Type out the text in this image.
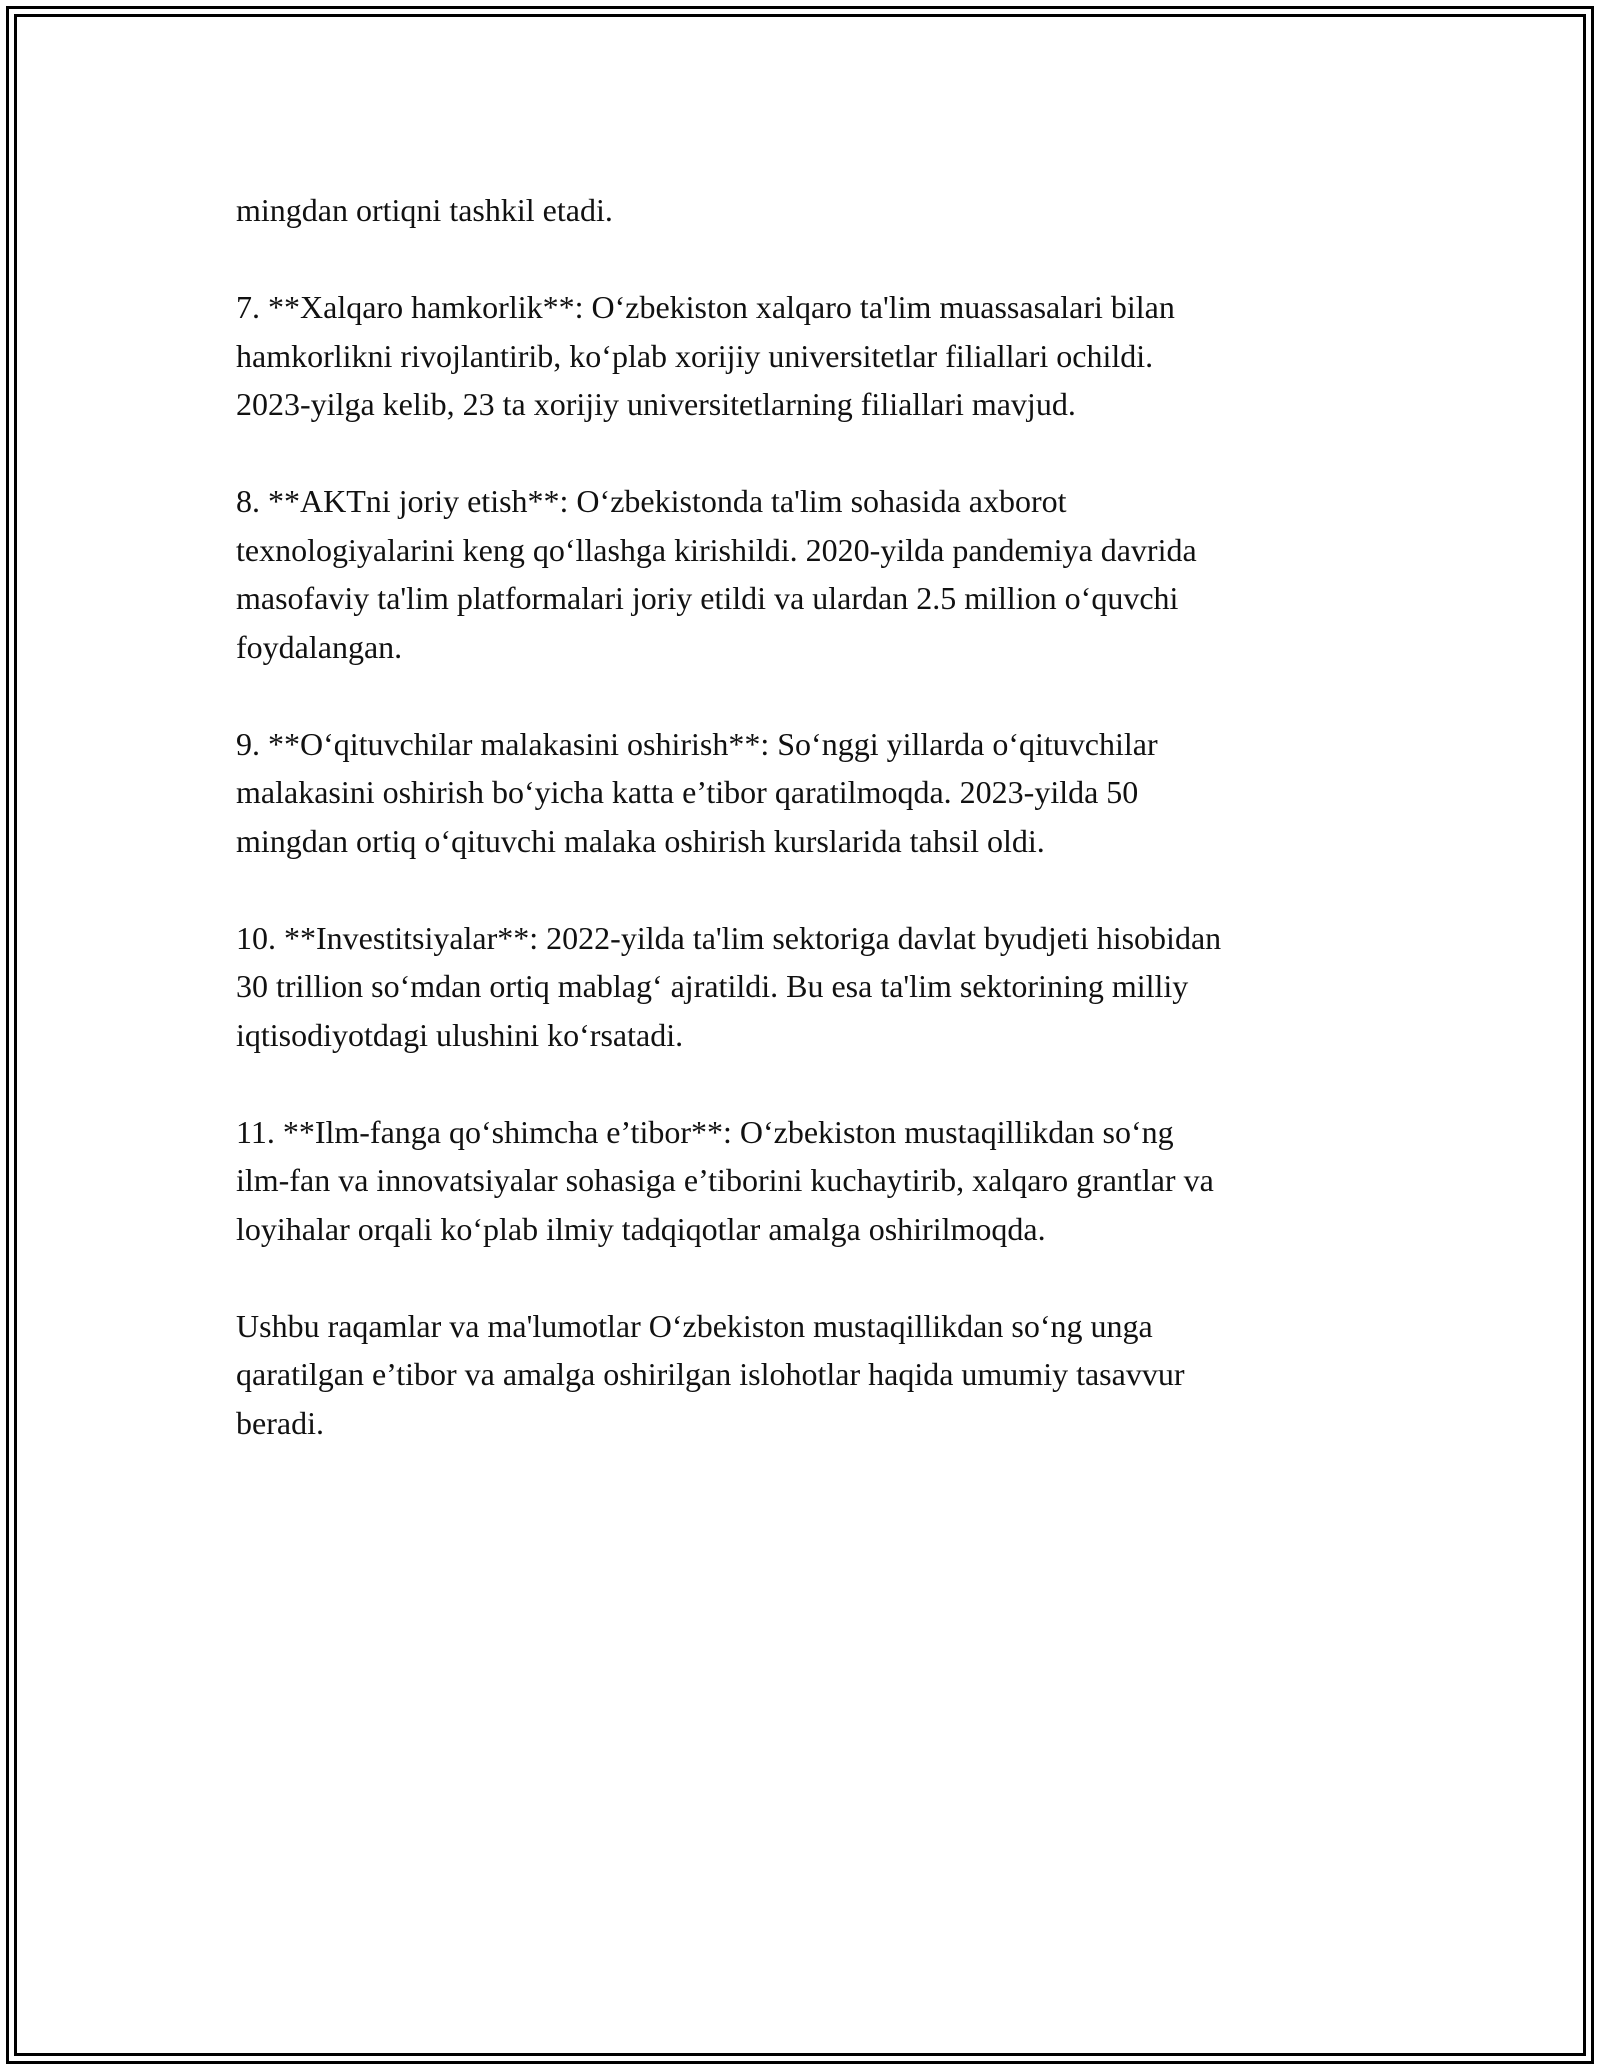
mingdan ortiqni tashkil etadi.

7. **Xalqaro hamkorlik**: O‘zbekiston xalqaro ta'lim muassasalari bilan
hamkorlikni rivojlantirib, ko‘plab xorijiy universitetlar filiallari ochildi.
2023-yilga kelib, 23 ta xorijiy universitetlarning filiallari mavjud.

8. **AKTni joriy etish**: O‘zbekistonda ta'lim sohasida axborot
texnologiyalarini keng qo‘llashga kirishildi. 2020-yilda pandemiya davrida
masofaviy ta'lim platformalari joriy etildi va ulardan 2.5 million o‘quvchi
foydalangan.

9. **O‘qituvchilar malakasini oshirish**: So‘nggi yillarda o‘qituvchilar
malakasini oshirish bo‘yicha katta e’tibor qaratilmoqda. 2023-yilda 50
mingdan ortiq o‘qituvchi malaka oshirish kurslarida tahsil oldi.

10. **Investitsiyalar**: 2022-yilda ta'lim sektoriga davlat byudjeti hisobidan
30 trillion so‘mdan ortiq mablag‘ ajratildi. Bu esa ta'lim sektorining milliy
iqtisodiyotdagi ulushini ko‘rsatadi.

11. **Ilm-fanga qo‘shimcha e’tibor**: O‘zbekiston mustaqillikdan so‘ng
ilm-fan va innovatsiyalar sohasiga e’tiborini kuchaytirib, xalqaro grantlar va
loyihalar orqali ko‘plab ilmiy tadqiqotlar amalga oshirilmoqda.

Ushbu raqamlar va ma'lumotlar O‘zbekiston mustaqillikdan so‘ng unga
qaratilgan e’tibor va amalga oshirilgan islohotlar haqida umumiy tasavvur
beradi.
